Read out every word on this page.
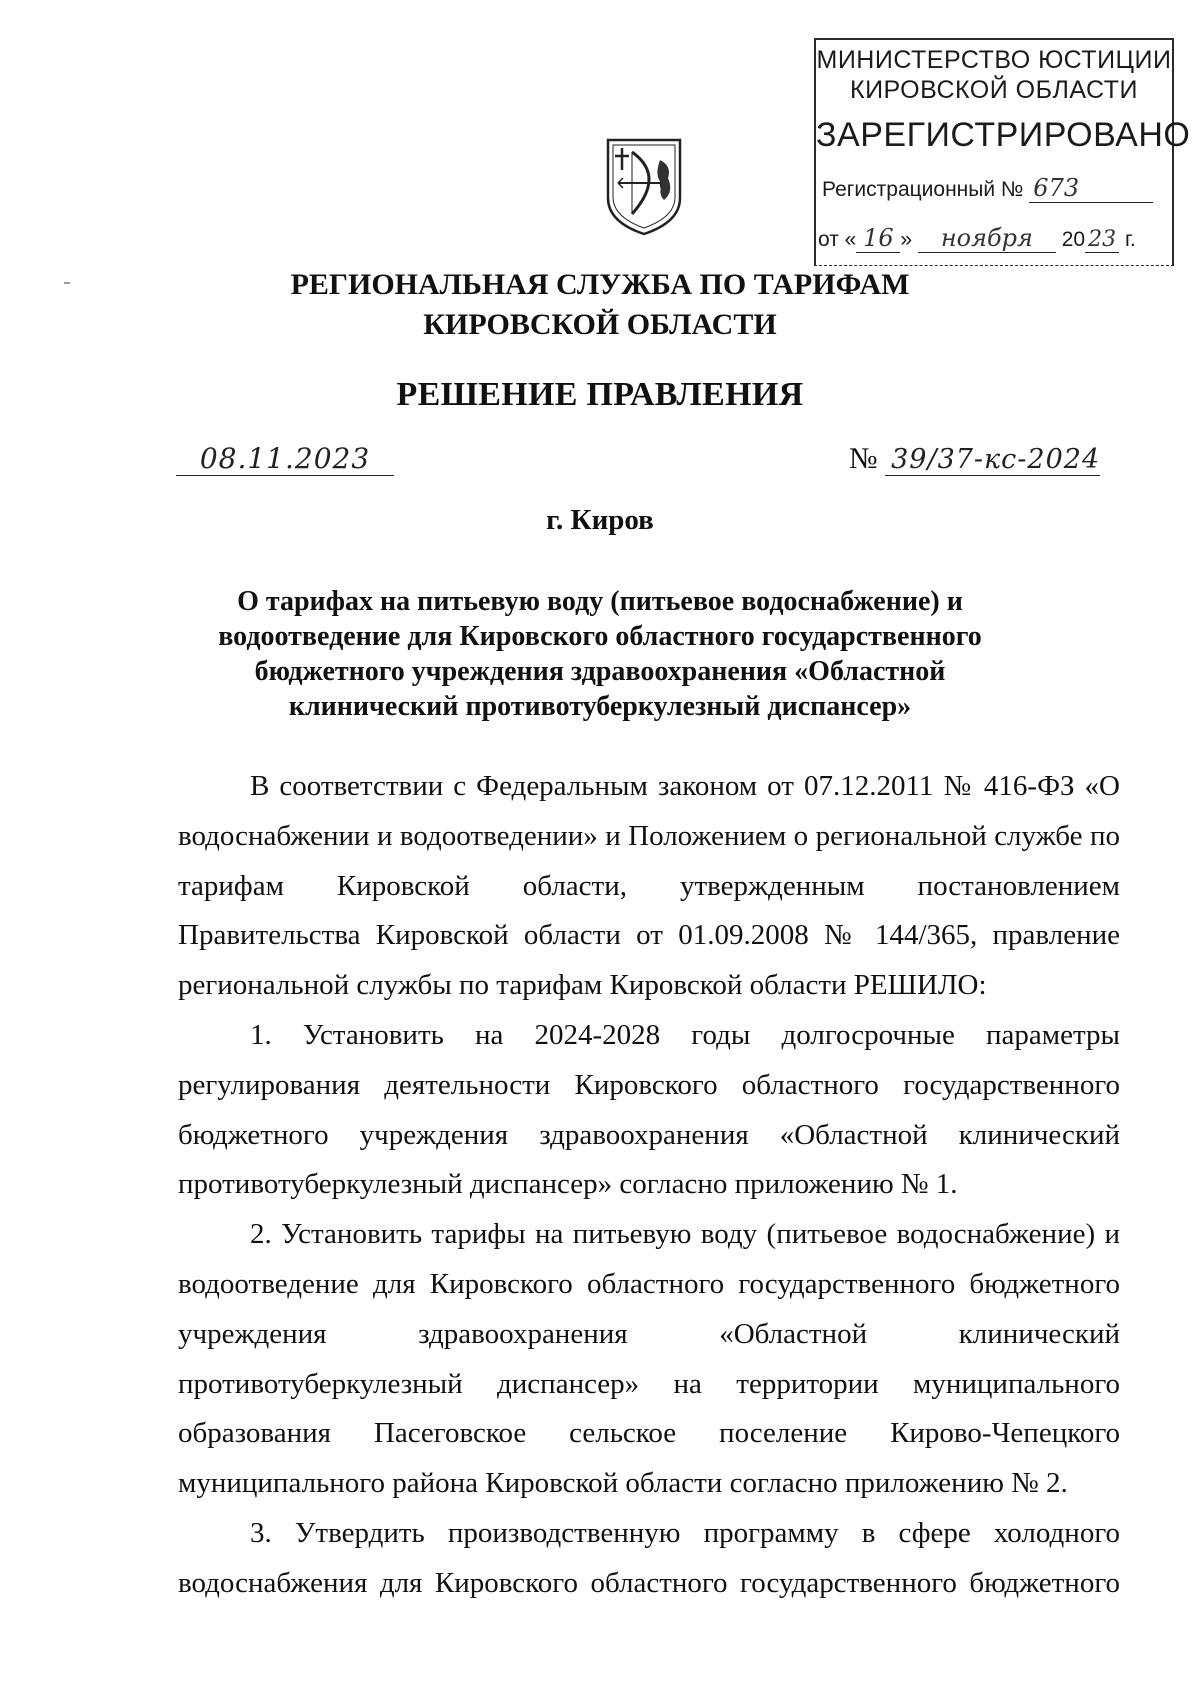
МИНИСТЕРСТВО ЮСТИЦИИ
КИРОВСКОЙ ОБЛАСТИ
ЗАРЕГИСТРИРОВАНО
Регистрационный № 673
от « 16 » ноября 20 23 г.
РЕГИОНАЛЬНАЯ СЛУЖБА ПО ТАРИФАМ
КИРОВСКОЙ ОБЛАСТИ
РЕШЕНИЕ ПРАВЛЕНИЯ
08.11.2023	№ 39/37-кс-2024
г. Киров
О тарифах на питьевую воду (питьевое водоснабжение) и
водоотведение для Кировского областного государственного
бюджетного учреждения здравоохранения «Областной
клинический противотуберкулезный диспансер»

В соответствии с Федеральным законом от 07.12.2011 № 416-ФЗ «О водоснабжении и водоотведении» и Положением о региональной службе по тарифам Кировской области, утвержденным постановлением Правительства Кировской области от 01.09.2008 № 144/365, правление региональной службы по тарифам Кировской области РЕШИЛО:

1. Установить на 2024-2028 годы долгосрочные параметры регулирования деятельности Кировского областного государственного бюджетного учреждения здравоохранения «Областной клинический противотуберкулезный диспансер» согласно приложению № 1.

2. Установить тарифы на питьевую воду (питьевое водоснабжение) и водоотведение для Кировского областного государственного бюджетного учреждения здравоохранения «Областной клинический противотуберкулезный диспансер» на территории муниципального образования Пасеговское сельское поселение Кирово-Чепецкого муниципального района Кировской области согласно приложению № 2.

3. Утвердить производственную программу в сфере холодного водоснабжения для Кировского областного государственного бюджетного
